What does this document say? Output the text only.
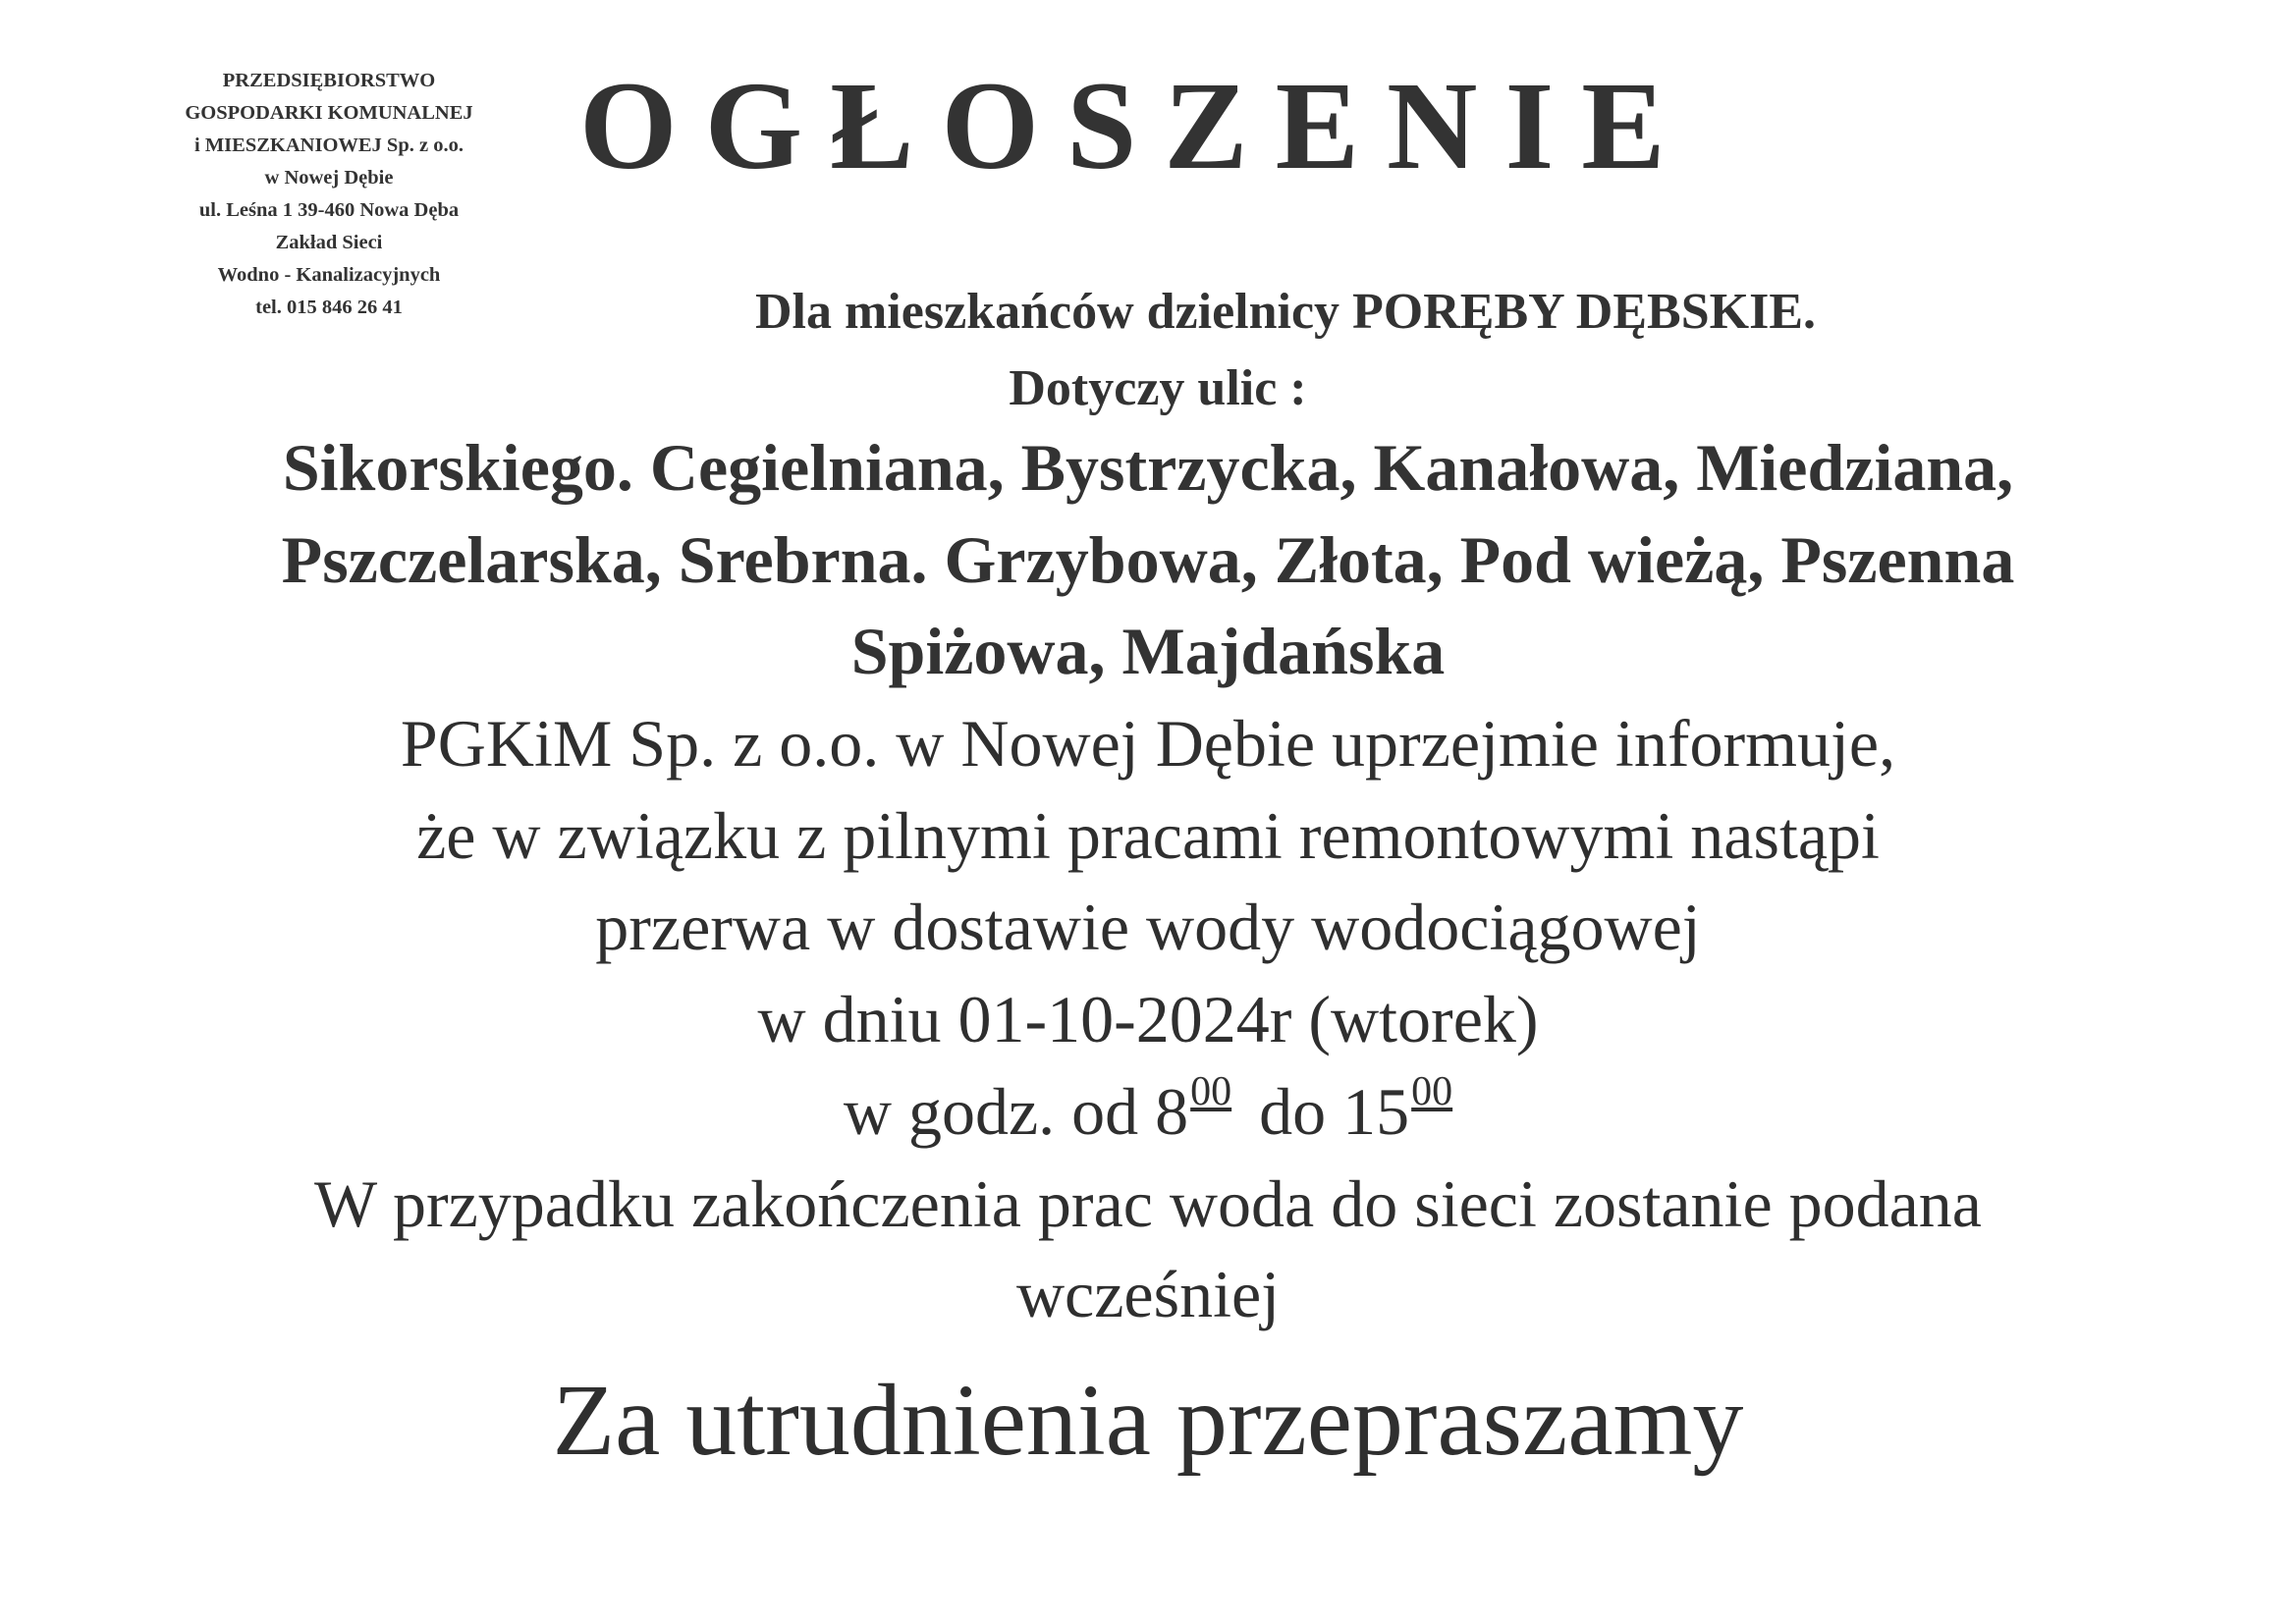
PRZEDSIĘBIORSTWO
GOSPODARKI KOMUNALNEJ
i MIESZKANIOWEJ Sp. z o.o.
w Nowej Dębie
ul. Leśna 1 39-460 Nowa Dęba
Zakład Sieci
Wodno - Kanalizacyjnych
tel. 015 846 26 41
OGŁOSZENIE
Dla mieszkańców dzielnicy PORĘBY DĘBSKIE.
Dotyczy ulic :
Sikorskiego. Cegielniana, Bystrzycka, Kanałowa, Miedziana,
Pszczelarska, Srebrna. Grzybowa, Złota, Pod wieżą, Pszenna
Spiżowa, Majdańska
PGKiM Sp. z o.o. w Nowej Dębie uprzejmie informuje,
że w związku z pilnymi pracami remontowymi nastąpi
przerwa w dostawie wody wodociągowej
w dniu 01-10-2024r (wtorek)
w godz. od $8^{00}$ do $15^{00}$
W przypadku zakończenia prac woda do sieci zostanie podana
wcześniej
Za utrudnienia przepraszamy
